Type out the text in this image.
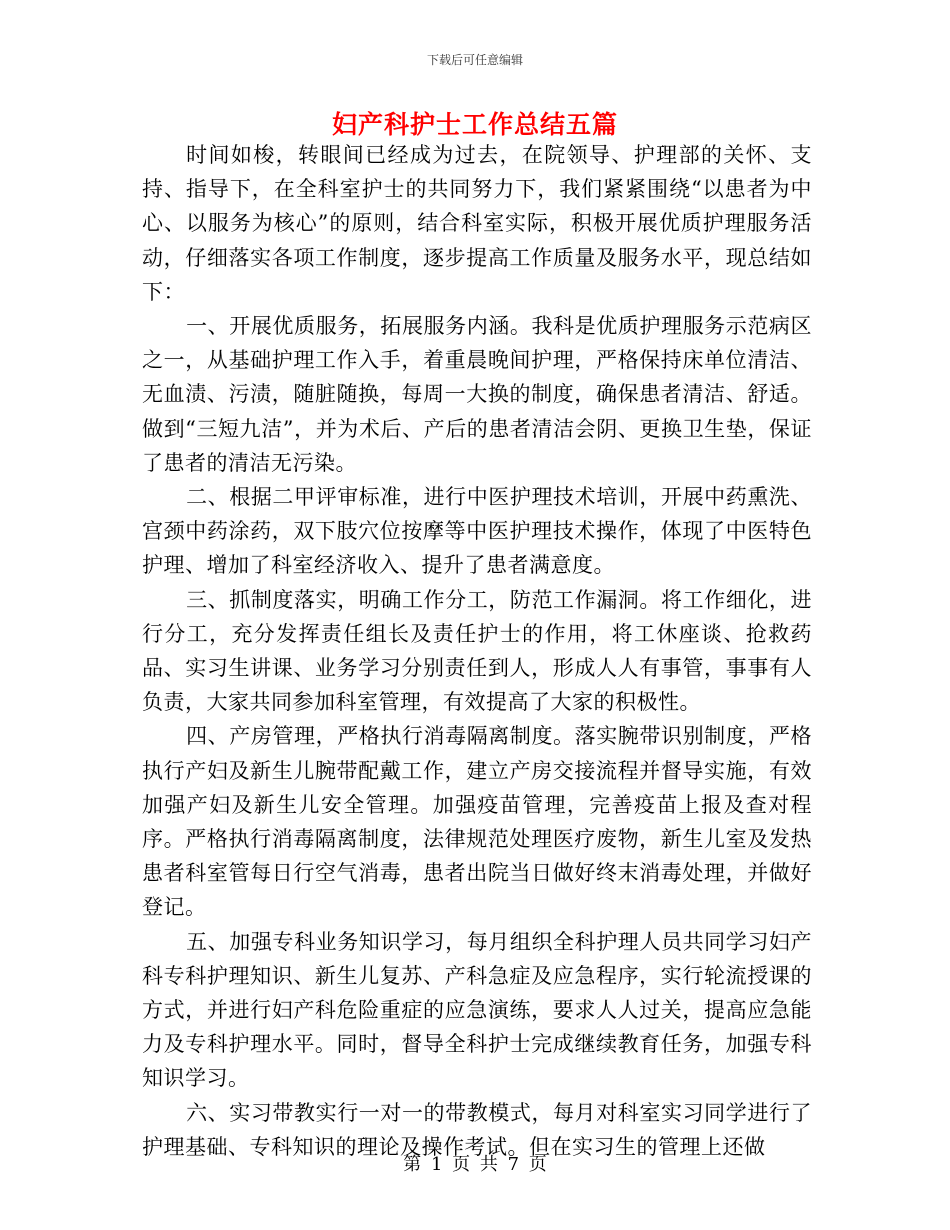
下载后可任意编辑
妇产科护士工作总结五篇

时间如梭，转眼间已经成为过去，在院领导、护理部的关怀、支持、指导下，在全科室护士的共同努力下，我们紧紧围绕“以患者为中心、以服务为核心”的原则，结合科室实际，积极开展优质护理服务活动，仔细落实各项工作制度，逐步提高工作质量及服务水平，现总结如下：

一、开展优质服务，拓展服务内涵。我科是优质护理服务示范病区之一，从基础护理工作入手，着重晨晚间护理，严格保持床单位清洁、无血渍、污渍，随脏随换，每周一大换的制度，确保患者清洁、舒适。做到“三短九洁”，并为术后、产后的患者清洁会阴、更换卫生垫，保证了患者的清洁无污染。

二、根据二甲评审标准，进行中医护理技术培训，开展中药熏洗、宫颈中药涂药，双下肢穴位按摩等中医护理技术操作，体现了中医特色护理、增加了科室经济收入、提升了患者满意度。

三、抓制度落实，明确工作分工，防范工作漏洞。将工作细化，进行分工，充分发挥责任组长及责任护士的作用，将工休座谈、抢救药品、实习生讲课、业务学习分别责任到人，形成人人有事管，事事有人负责，大家共同参加科室管理，有效提高了大家的积极性。

四、产房管理，严格执行消毒隔离制度。落实腕带识别制度，严格执行产妇及新生儿腕带配戴工作，建立产房交接流程并督导实施，有效加强产妇及新生儿安全管理。加强疫苗管理，完善疫苗上报及查对程序。严格执行消毒隔离制度，法律规范处理医疗废物，新生儿室及发热患者科室管每日行空气消毒，患者出院当日做好终末消毒处理，并做好登记。

五、加强专科业务知识学习，每月组织全科护理人员共同学习妇产科专科护理知识、新生儿复苏、产科急症及应急程序，实行轮流授课的方式，并进行妇产科危险重症的应急演练，要求人人过关，提高应急能力及专科护理水平。同时，督导全科护士完成继续教育任务，加强专科知识学习。

六、实习带教实行一对一的带教模式，每月对科室实习同学进行了护理基础、专科知识的理论及操作考试。但在实习生的管理上还做

第 1 页 共 7 页
